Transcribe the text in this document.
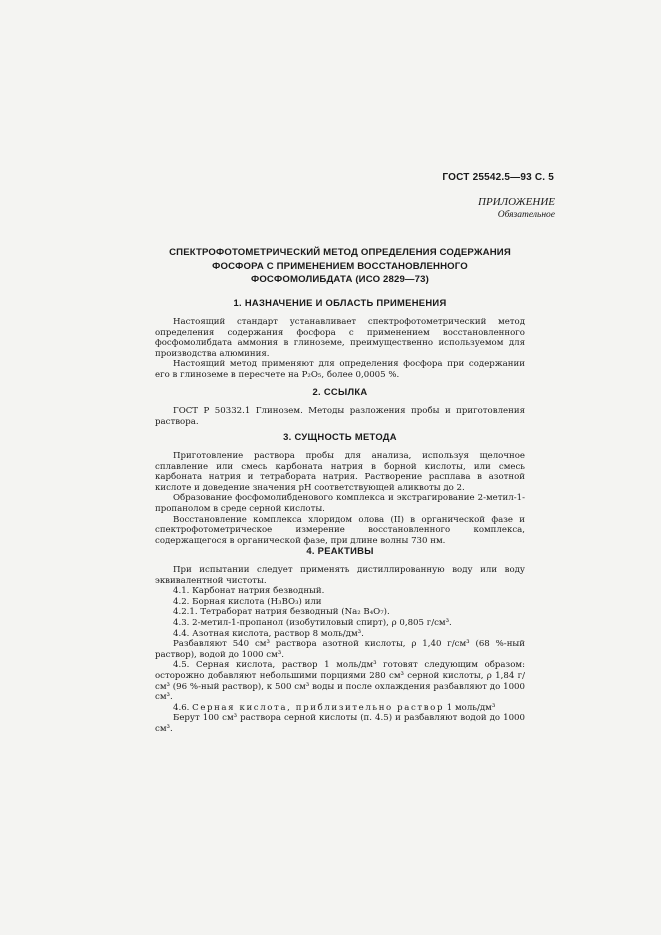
ГОСТ 25542.5—93 С. 5
ПРИЛОЖЕНИЕ
Обязательное
СПЕКТРОФОТОМЕТРИЧЕСКИЙ МЕТОД ОПРЕДЕЛЕНИЯ СОДЕРЖАНИЯ
ФОСФОРА С ПРИМЕНЕНИЕМ ВОССТАНОВЛЕННОГО
ФОСФОМОЛИБДАТА (ИСО 2829—73)
1. НАЗНАЧЕНИЕ И ОБЛАСТЬ ПРИМЕНЕНИЯ

Настоящий стандарт устанавливает спектрофотометрический метод определения содержания фосфора с применением восстановленного фосфомолибдата аммония в глиноземе, преимущественно используемом для производства алюминия.

Настоящий метод применяют для определения фосфора при содержании его в глиноземе в пересчете на P₂O₅, более 0,0005 %.

2. ССЫЛКА

ГОСТ Р 50332.1 Глинозем. Методы разложения пробы и приготовления раствора.

3. СУЩНОСТЬ МЕТОДА

Приготовление раствора пробы для анализа, используя щелочное сплавление или смесь карбоната натрия в борной кислоты, или смесь карбоната натрия и тетрабората натрия. Растворение расплава в азотной кислоте и доведение значения pH соответствующей аликвоты до 2.

Образование фосфомолибденового комплекса и экстрагирование 2-метил-1-пропанолом в среде серной кислоты.

Восстановление комплекса хлоридом олова (II) в органической фазе и спектрофотометрическое измерение восстановленного комплекса, содержащегося в органической фазе, при длине волны 730 нм.

4. РЕАКТИВЫ

При испытании следует применять дистиллированную воду или воду эквивалентной чистоты.

4.1. Карбонат натрия безводный.

4.2. Борная кислота (H₃BO₃) или

4.2.1. Тетраборат натрия безводный (Na₂ B₄O₇).

4.3. 2-метил-1-пропанол (изобутиловый спирт), ρ 0,805 г/см³.

4.4. Азотная кислота, раствор 8 моль/дм³.

Разбавляют 540 см³ раствора азотной кислоты, ρ 1,40 г/см³ (68 %-ный раствор), водой до 1000 см³.

4.5. Серная кислота, раствор 1 моль/дм³ готовят следующим образом: осторожно добавляют небольшими порциями 280 см³ серной кислоты, ρ 1,84 г/см³ (96 %-ный раствор), к 500 см³ воды и после охлаждения разбавляют до 1000 см³.

4.6. Серная кислота, приблизительно раствор 1 моль/дм³

Берут 100 см³ раствора серной кислоты (п. 4.5) и разбавляют водой до 1000 см³.
